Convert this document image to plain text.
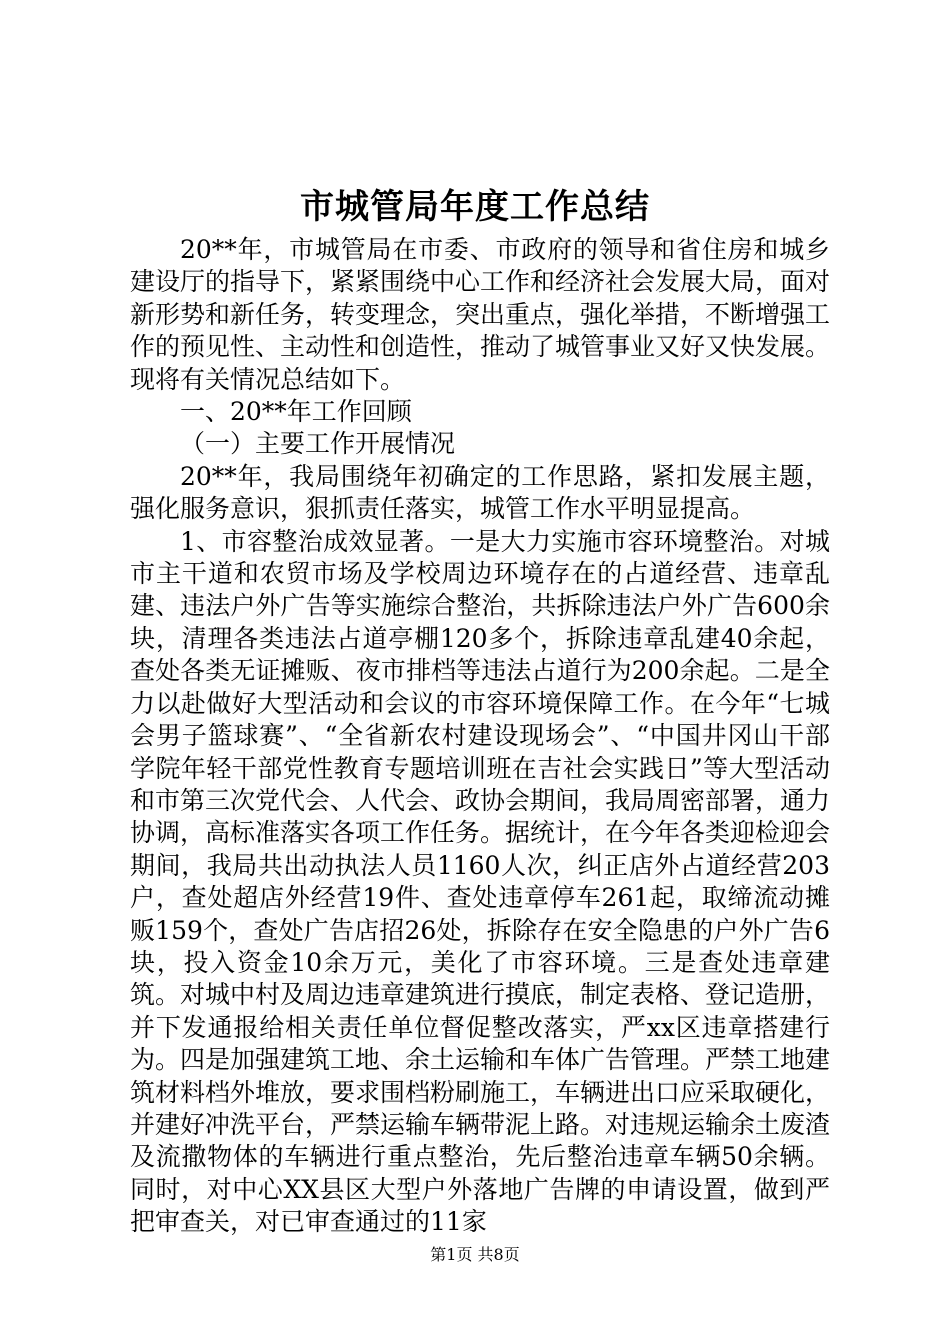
市城管局年度工作总结

20**年，市城管局在市委、市政府的领导和省住房和城乡建设厅的指导下，紧紧围绕中心工作和经济社会发展大局，面对新形势和新任务，转变理念，突出重点，强化举措，不断增强工作的预见性、主动性和创造性，推动了城管事业又好又快发展。现将有关情况总结如下。

一、20**年工作回顾

（一）主要工作开展情况

20**年，我局围绕年初确定的工作思路，紧扣发展主题，强化服务意识，狠抓责任落实，城管工作水平明显提高。

1、市容整治成效显著。一是大力实施市容环境整治。对城市主干道和农贸市场及学校周边环境存在的占道经营、违章乱建、违法户外广告等实施综合整治，共拆除违法户外广告600余块，清理各类违法占道亭棚120多个，拆除违章乱建40余起，查处各类无证摊贩、夜市排档等违法占道行为200余起。二是全力以赴做好大型活动和会议的市容环境保障工作。在今年“七城会男子篮球赛”、“全省新农村建设现场会”、“中国井冈山干部学院年轻干部党性教育专题培训班在吉社会实践日”等大型活动和市第三次党代会、人代会、政协会期间，我局周密部署，通力协调，高标准落实各项工作任务。据统计，在今年各类迎检迎会期间，我局共出动执法人员1160人次，纠正店外占道经营203户，查处超店外经营19件、查处违章停车261起，取缔流动摊贩159个，查处广告店招26处，拆除存在安全隐患的户外广告6块，投入资金10余万元，美化了市容环境。三是查处违章建筑。对城中村及周边违章建筑进行摸底，制定表格、登记造册，并下发通报给相关责任单位督促整改落实，严xx区违章搭建行为。四是加强建筑工地、余土运输和车体广告管理。严禁工地建筑材料档外堆放，要求围档粉刷施工，车辆进出口应采取硬化，并建好冲洗平台，严禁运输车辆带泥上路。对违规运输余土废渣及流撒物体的车辆进行重点整治，先后整治违章车辆50余辆。同时，对中心XX县区大型户外落地广告牌的申请设置，做到严把审查关，对已审查通过的11家

第1页 共8页
